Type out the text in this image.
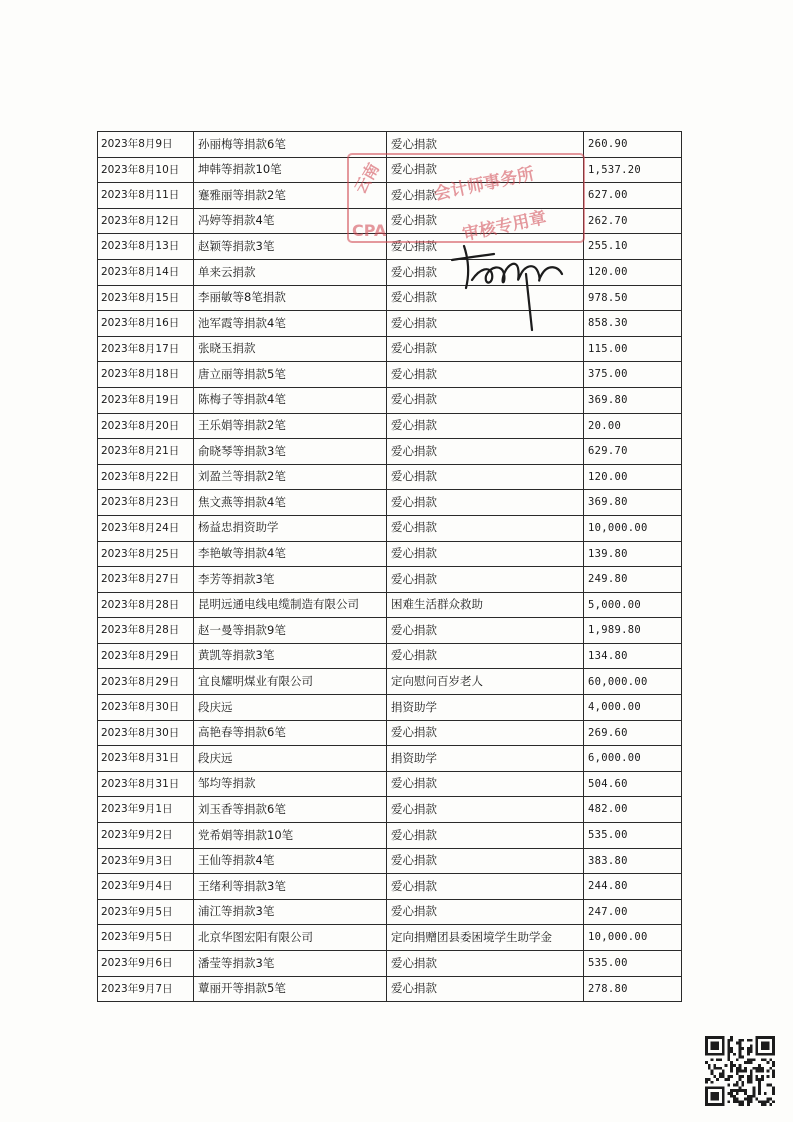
2023年8月9日	孙丽梅等捐款6笔	爱心捐款	260.90
2023年8月10日	坤韩等捐款10笔	爱心捐款	1,537.20
2023年8月11日	蹇雅丽等捐款2笔	爱心捐款	627.00
2023年8月12日	冯婷等捐款4笔	爱心捐款	262.70
2023年8月13日	赵颖等捐款3笔	爱心捐款	255.10
2023年8月14日	单来云捐款	爱心捐款	120.00
2023年8月15日	李丽敏等8笔捐款	爱心捐款	978.50
2023年8月16日	池军霞等捐款4笔	爱心捐款	858.30
2023年8月17日	张晓玉捐款	爱心捐款	115.00
2023年8月18日	唐立丽等捐款5笔	爱心捐款	375.00
2023年8月19日	陈梅子等捐款4笔	爱心捐款	369.80
2023年8月20日	王乐娟等捐款2笔	爱心捐款	20.00
2023年8月21日	俞晓琴等捐款3笔	爱心捐款	629.70
2023年8月22日	刘盈兰等捐款2笔	爱心捐款	120.00
2023年8月23日	焦文燕等捐款4笔	爱心捐款	369.80
2023年8月24日	杨益忠捐资助学	爱心捐款	10,000.00
2023年8月25日	李艳敏等捐款4笔	爱心捐款	139.80
2023年8月27日	李芳等捐款3笔	爱心捐款	249.80
2023年8月28日	昆明远通电线电缆制造有限公司	困难生活群众救助	5,000.00
2023年8月28日	赵一曼等捐款9笔	爱心捐款	1,989.80
2023年8月29日	黄凯等捐款3笔	爱心捐款	134.80
2023年8月29日	宜良耀明煤业有限公司	定向慰问百岁老人	60,000.00
2023年8月30日	段庆远	捐资助学	4,000.00
2023年8月30日	高艳春等捐款6笔	爱心捐款	269.60
2023年8月31日	段庆远	捐资助学	6,000.00
2023年8月31日	邹均等捐款	爱心捐款	504.60
2023年9月1日	刘玉香等捐款6笔	爱心捐款	482.00
2023年9月2日	党希娟等捐款10笔	爱心捐款	535.00
2023年9月3日	王仙等捐款4笔	爱心捐款	383.80
2023年9月4日	王绪利等捐款3笔	爱心捐款	244.80
2023年9月5日	浦江等捐款3笔	爱心捐款	247.00
2023年9月5日	北京华图宏阳有限公司	定向捐赠团县委困境学生助学金	10,000.00
2023年9月6日	潘莹等捐款3笔	爱心捐款	535.00
2023年9月7日	蕈丽开等捐款5笔	爱心捐款	278.80
云南	会计师事务所
CPA	审核专用章
